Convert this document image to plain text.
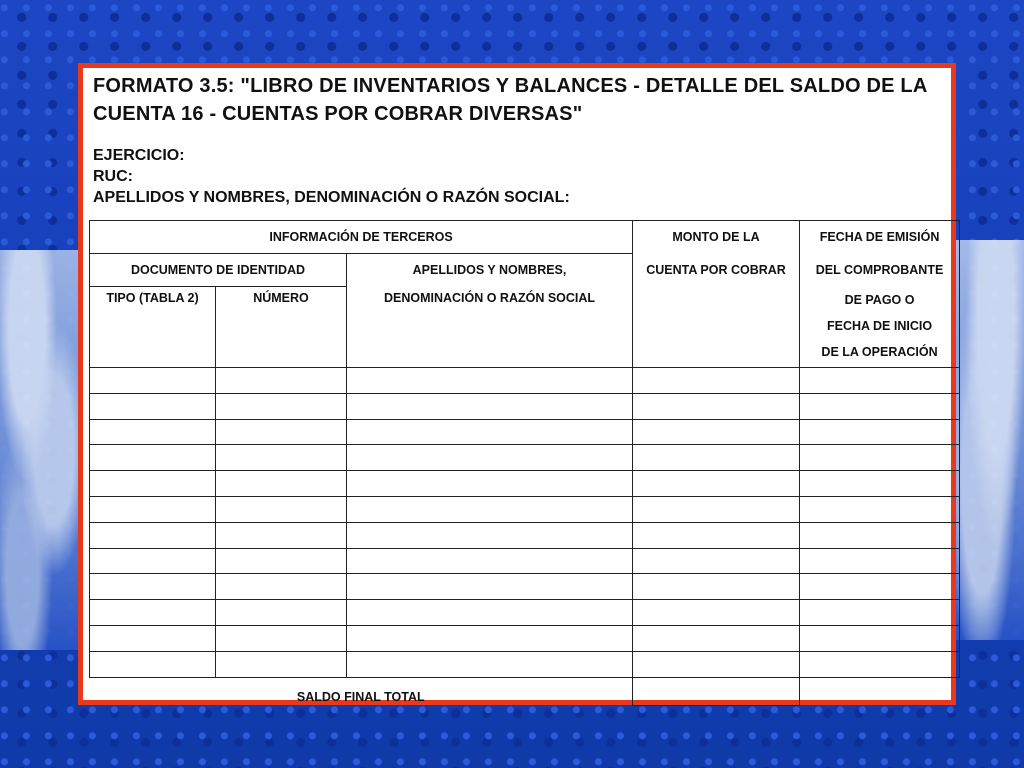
FORMATO 3.5: "LIBRO DE INVENTARIOS Y BALANCES - DETALLE DEL SALDO DE LA CUENTA 16 - CUENTAS POR COBRAR DIVERSAS"
EJERCICIO:
RUC:
APELLIDOS Y NOMBRES, DENOMINACIÓN O RAZÓN SOCIAL:
INFORMACIÓN DE TERCEROS			MONTO DE LA	FECHA DE EMISIÓN
DOCUMENTO DE IDENTIDAD		APELLIDOS Y NOMBRES,	CUENTA POR COBRAR	DEL COMPROBANTE
TIPO (TABLA 2)	NÚMERO	DENOMINACIÓN O RAZÓN SOCIAL		DE PAGO O
FECHA DE INICIO
DE LA OPERACIÓN

SALDO FINAL TOTAL				
